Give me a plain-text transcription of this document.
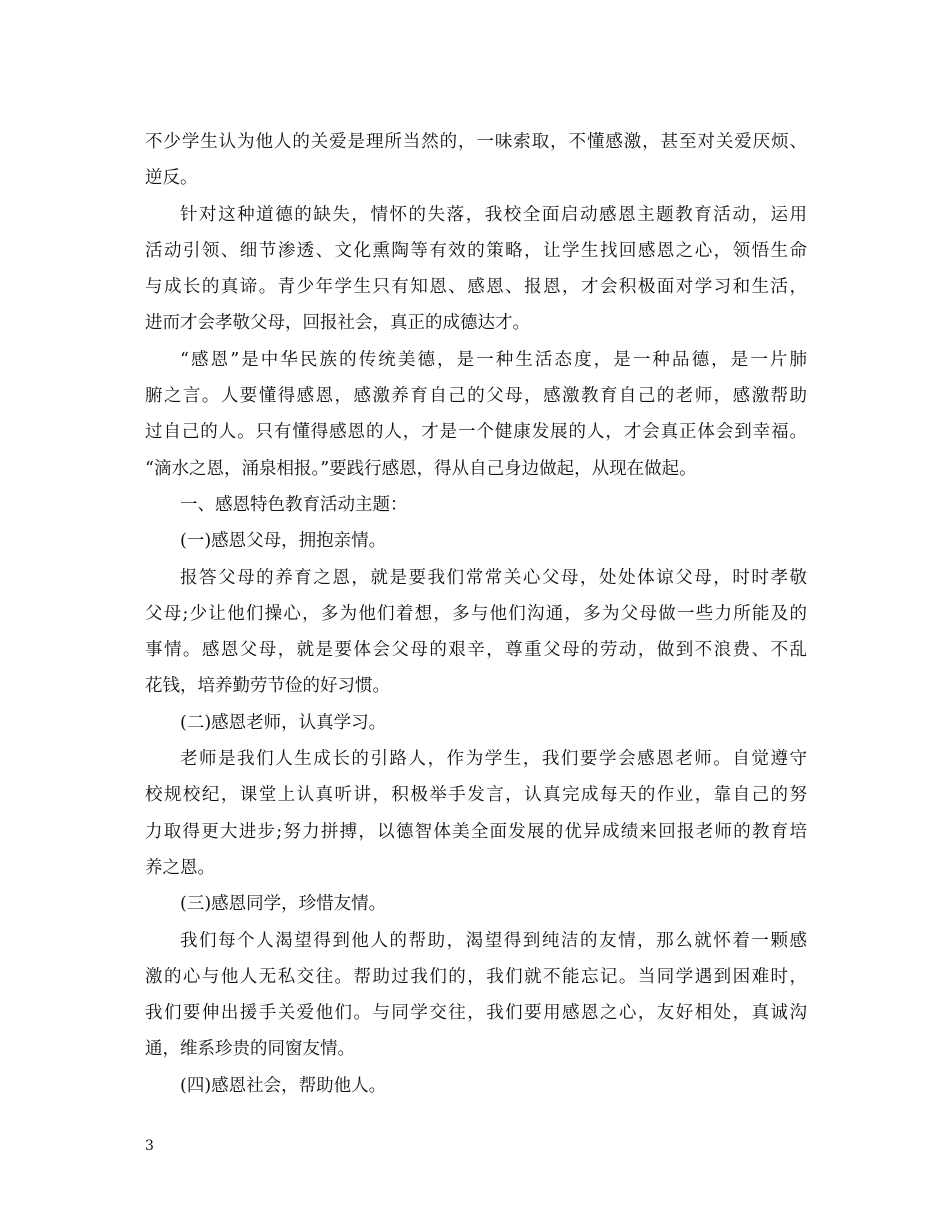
不少学生认为他人的关爱是理所当然的，一味索取，不懂感激，甚至对关爱厌烦、
逆反。
针对这种道德的缺失，情怀的失落，我校全面启动感恩主题教育活动，运用
活动引领、细节渗透、文化熏陶等有效的策略，让学生找回感恩之心，领悟生命
与成长的真谛。青少年学生只有知恩、感恩、报恩，才会积极面对学习和生活，
进而才会孝敬父母，回报社会，真正的成德达才。
“感恩”是中华民族的传统美德，是一种生活态度，是一种品德，是一片肺
腑之言。人要懂得感恩，感激养育自己的父母，感激教育自己的老师，感激帮助
过自己的人。只有懂得感恩的人，才是一个健康发展的人，才会真正体会到幸福。
“滴水之恩，涌泉相报。”要践行感恩，得从自己身边做起，从现在做起。
一、感恩特色教育活动主题：
(一)感恩父母，拥抱亲情。
报答父母的养育之恩，就是要我们常常关心父母，处处体谅父母，时时孝敬
父母;少让他们操心，多为他们着想，多与他们沟通，多为父母做一些力所能及的
事情。感恩父母，就是要体会父母的艰辛，尊重父母的劳动，做到不浪费、不乱
花钱，培养勤劳节俭的好习惯。
(二)感恩老师，认真学习。
老师是我们人生成长的引路人，作为学生，我们要学会感恩老师。自觉遵守
校规校纪，课堂上认真听讲，积极举手发言，认真完成每天的作业，靠自己的努
力取得更大进步;努力拼搏，以德智体美全面发展的优异成绩来回报老师的教育培
养之恩。
(三)感恩同学，珍惜友情。
我们每个人渴望得到他人的帮助，渴望得到纯洁的友情，那么就怀着一颗感
激的心与他人无私交往。帮助过我们的，我们就不能忘记。当同学遇到困难时，
我们要伸出援手关爱他们。与同学交往，我们要用感恩之心，友好相处，真诚沟
通，维系珍贵的同窗友情。
(四)感恩社会，帮助他人。
3
